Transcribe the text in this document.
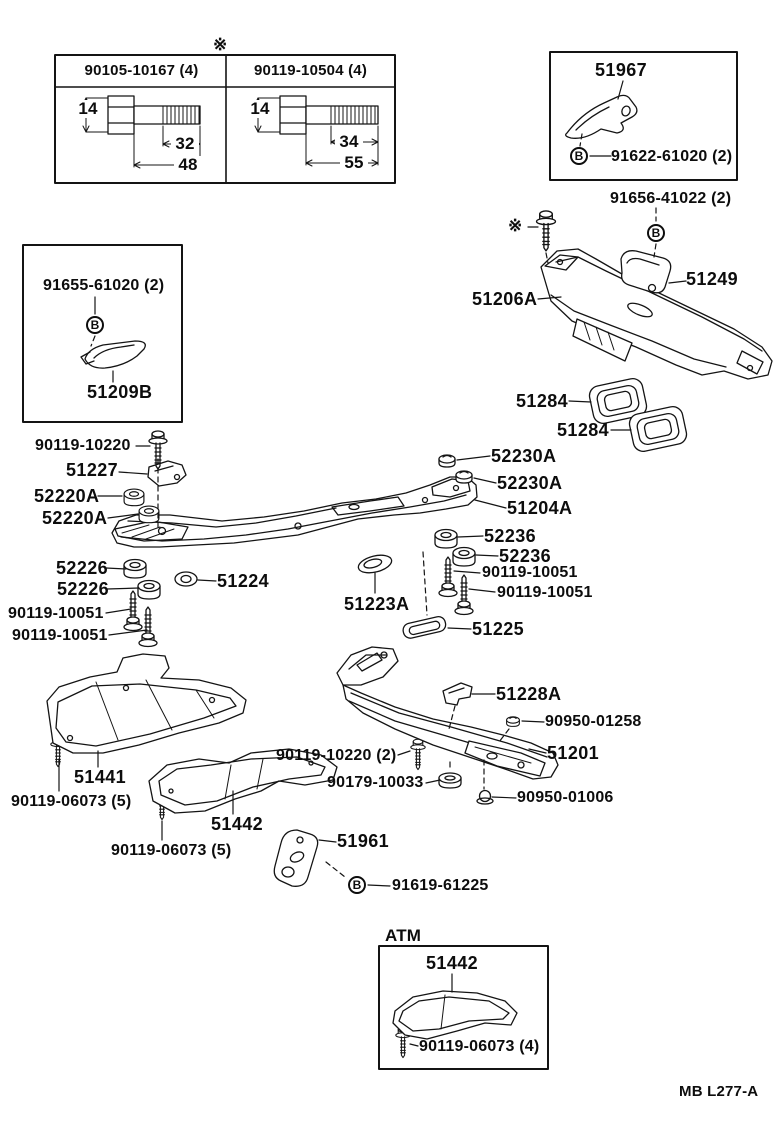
※
※
90105-10167 (4)	90119-10504 (4)
14
32
48
14
34
55
51967
B 91622-61020 (2)
91656-41022 (2)
B
51249
51206A
51284
51284
91655-61020 (2)
B
51209B
90119-10220
51227
52220A
52220A
52230A
52230A
51204A
52236
52236
90119-10051
90119-10051
52226
52226
90119-10051
90119-10051
51224
51223A
51225
51228A
90950-01258
51201
90119-10220 (2)
90179-10033
90950-01006
51441
90119-06073 (5)
51442
90119-06073 (5)	51961
B 91619-61225
ATM
51442
90119-06073 (4)
MB L277-A
